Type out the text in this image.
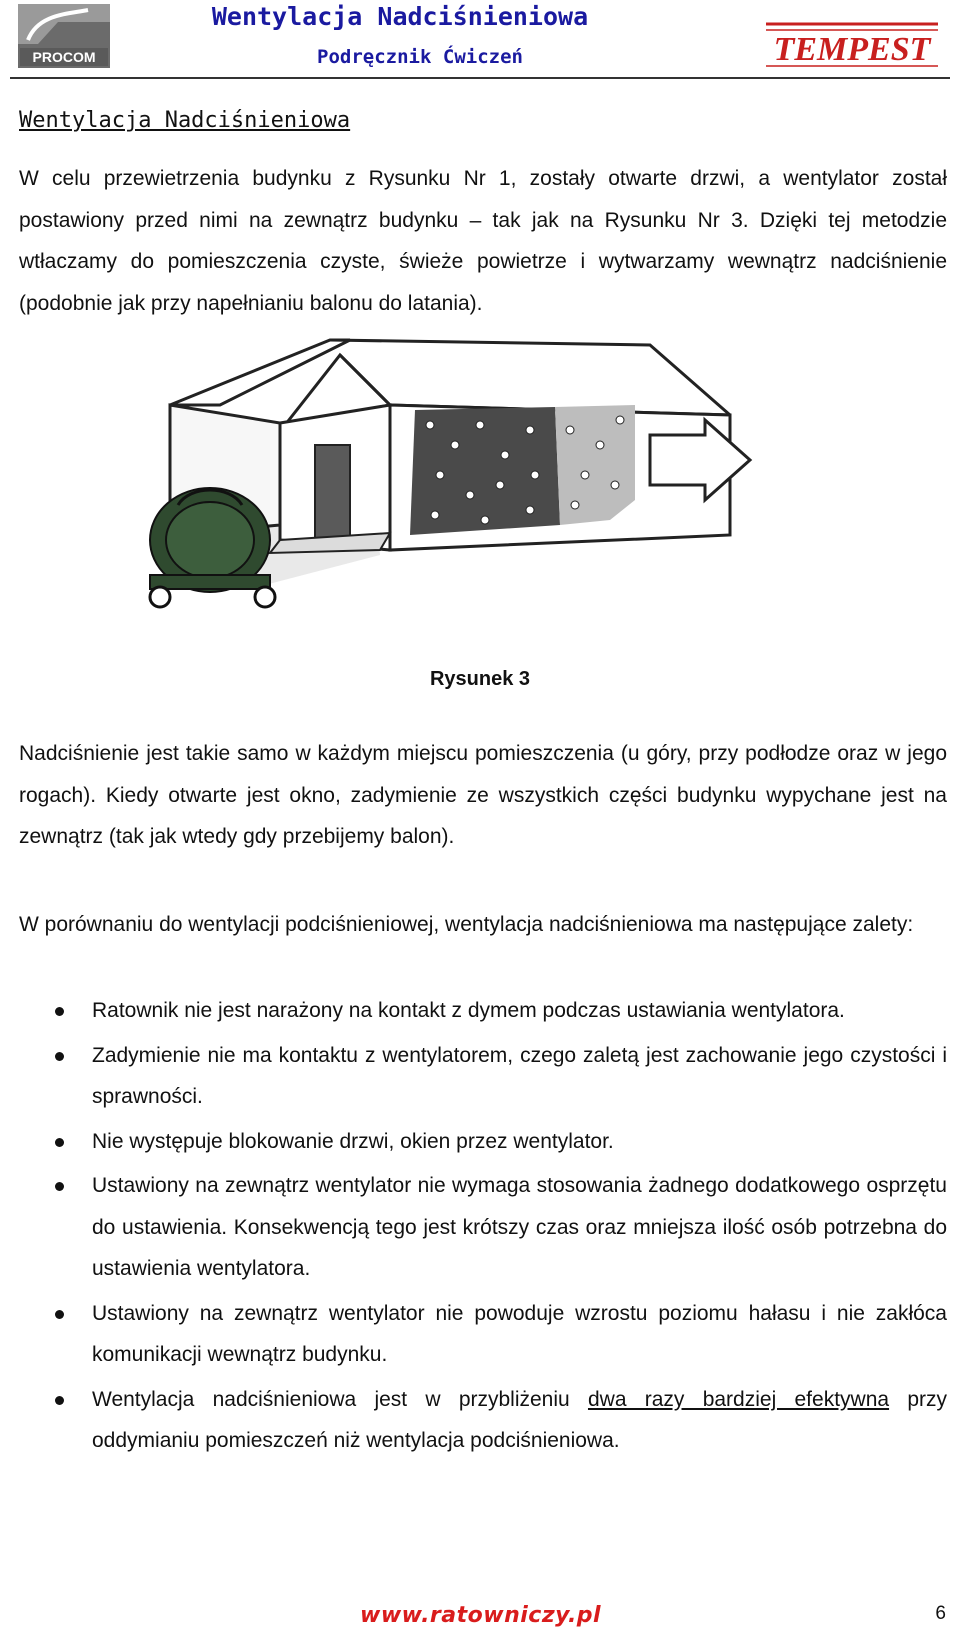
PROCOM
Wentylacja Nadciśnieniowa
Podręcznik Ćwiczeń	TEMPEST
Wentylacja Nadciśnieniowa
W celu przewietrzenia budynku z Rysunku Nr 1, zostały otwarte drzwi, a wentylator został postawiony przed nimi na zewnątrz budynku – tak jak na Rysunku Nr 3. Dzięki tej metodzie wtłaczamy do pomieszczenia czyste, świeże powietrze i wytwarzamy wewnątrz nadciśnienie (podobnie jak przy napełnianiu balonu do latania).
Rysunek 3
Nadciśnienie jest takie samo w każdym miejscu pomieszczenia (u góry, przy podłodze oraz w jego rogach). Kiedy otwarte jest okno, zadymienie ze wszystkich części budynku wypychane jest na zewnątrz (tak jak wtedy gdy przebijemy balon).
W porównaniu do wentylacji podciśnieniowej, wentylacja nadciśnieniowa ma następujące zalety:
Ratownik nie jest narażony na kontakt z dymem podczas ustawiania wentylatora.
Zadymienie nie ma kontaktu z wentylatorem, czego zaletą jest zachowanie jego czystości i sprawności.
Nie występuje blokowanie drzwi, okien przez wentylator.
Ustawiony na zewnątrz wentylator nie wymaga stosowania żadnego dodatkowego osprzętu do ustawienia. Konsekwencją tego jest krótszy czas oraz mniejsza ilość osób potrzebna do ustawienia wentylatora.
Ustawiony na zewnątrz wentylator nie powoduje wzrostu poziomu hałasu i nie zakłóca komunikacji wewnątrz budynku.
Wentylacja nadciśnieniowa jest w przybliżeniu dwa razy bardziej efektywna przy oddymianiu pomieszczeń niż wentylacja podciśnieniowa.
www.ratowniczy.pl	6
